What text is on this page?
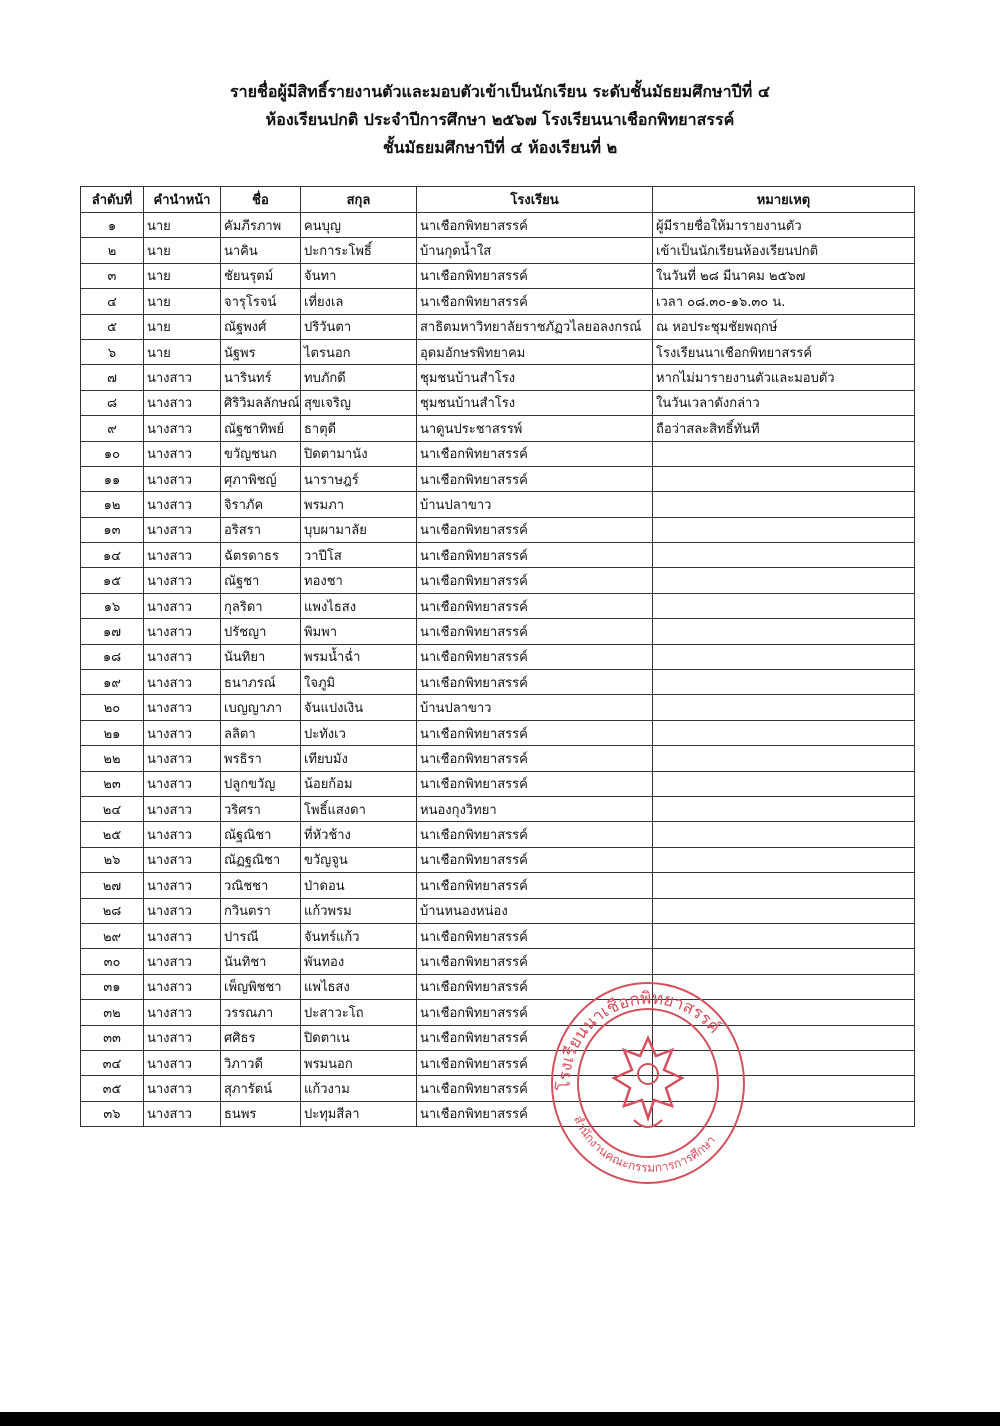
รายชื่อผู้มีสิทธิ์รายงานตัวและมอบตัวเข้าเป็นนักเรียน ระดับชั้นมัธยมศึกษาปีที่ ๔
ห้องเรียนปกติ ประจำปีการศึกษา ๒๕๖๗ โรงเรียนนาเชือกพิทยาสรรค์
ชั้นมัธยมศึกษาปีที่ ๔ ห้องเรียนที่ ๒
ลำดับที่	คำนำหน้า	ชื่อ	สกุล	โรงเรียน	หมายเหตุ
๑	นาย	คัมภีรภาพ	คนบุญ	นาเชือกพิทยาสรรค์	ผู้มีรายชื่อให้มารายงานตัว
๒	นาย	นาคิน	ปะการะโพธิ์	บ้านกุดน้ำใส	เข้าเป็นนักเรียนห้องเรียนปกติ
๓	นาย	ชัยนรุตม์	จันทา	นาเชือกพิทยาสรรค์	ในวันที่ ๒๘ มีนาคม ๒๕๖๗
๔	นาย	จารุโรจน์	เที่ยงเล	นาเชือกพิทยาสรรค์	เวลา ๐๘.๓๐-๑๖.๓๐ น.
๕	นาย	ณัฐพงศ์	ปริวันตา	สาธิตมหาวิทยาลัยราชภัฏวไลยอลงกรณ์	ณ หอประชุมชัยพฤกษ์
๖	นาย	นัฐพร	ไตรนอก	อุดมอักษรพิทยาคม	โรงเรียนนาเชือกพิทยาสรรค์
๗	นางสาว	นารินทร์	ทบภักดี	ชุมชนบ้านสำโรง	หากไม่มารายงานตัวและมอบตัว
๘	นางสาว	ศิริวิมลลักษณ์	สุขเจริญ	ชุมชนบ้านสำโรง	ในวันเวลาดังกล่าว
๙	นางสาว	ณัฐชาทิพย์	ธาตุดี	นาดูนประชาสรรพ์	ถือว่าสละสิทธิ์ทันที
๑๐	นางสาว	ขวัญชนก	ปิดตามานัง	นาเชือกพิทยาสรรค์	
๑๑	นางสาว	ศุภาพิชญ์	นาราษฎร์	นาเชือกพิทยาสรรค์	
๑๒	นางสาว	จิราภัค	พรมภา	บ้านปลาขาว	
๑๓	นางสาว	อริสรา	บุบผามาลัย	นาเชือกพิทยาสรรค์	
๑๔	นางสาว	ฉัตรดาธร	วาปีโส	นาเชือกพิทยาสรรค์	
๑๕	นางสาว	ณัฐชา	ทองชา	นาเชือกพิทยาสรรค์	
๑๖	นางสาว	กุลริดา	แพงไธสง	นาเชือกพิทยาสรรค์	
๑๗	นางสาว	ปรัชญา	พิมพา	นาเชือกพิทยาสรรค์	
๑๘	นางสาว	นันทิยา	พรมน้ำฉ่ำ	นาเชือกพิทยาสรรค์	
๑๙	นางสาว	ธนาภรณ์	ใจภูมิ	นาเชือกพิทยาสรรค์	
๒๐	นางสาว	เบญญาภา	จันแปงเงิน	บ้านปลาขาว	
๒๑	นางสาว	ลลิตา	ปะทังเว	นาเชือกพิทยาสรรค์	
๒๒	นางสาว	พรธิรา	เทียบมัง	นาเชือกพิทยาสรรค์	
๒๓	นางสาว	ปลูกขวัญ	น้อยก้อม	นาเชือกพิทยาสรรค์	
๒๔	นางสาว	วริศรา	โพธิ์แสงดา	หนองกุงวิทยา	
๒๕	นางสาว	ณัฐณิชา	ที่หัวช้าง	นาเชือกพิทยาสรรค์	
๒๖	นางสาว	ณัฏฐณิชา	ขวัญจูน	นาเชือกพิทยาสรรค์	
๒๗	นางสาว	วณิชชา	ป่าดอน	นาเชือกพิทยาสรรค์	
๒๘	นางสาว	กวินตรา	แก้วพรม	บ้านหนองหน่อง	
๒๙	นางสาว	ปารณี	จันทร์แก้ว	นาเชือกพิทยาสรรค์	
๓๐	นางสาว	นันทิชา	พันทอง	นาเชือกพิทยาสรรค์	
๓๑	นางสาว	เพ็ญพิชชา	แพไธสง	นาเชือกพิทยาสรรค์	
๓๒	นางสาว	วรรณภา	ปะสาวะโถ	นาเชือกพิทยาสรรค์	
๓๓	นางสาว	ศศิธร	ปิดตาเน	นาเชือกพิทยาสรรค์	
๓๔	นางสาว	วิภาวดี	พรมนอก	นาเชือกพิทยาสรรค์	
๓๕	นางสาว	สุภารัตน์	แก้วงาม	นาเชือกพิทยาสรรค์	
๓๖	นางสาว	ธนพร	ปะทุมสีลา	นาเชือกพิทยาสรรค์	
โรงเรียนนาเชือกพิทยาสรรค์
สำนักงานคณะกรรมการการศึกษา
